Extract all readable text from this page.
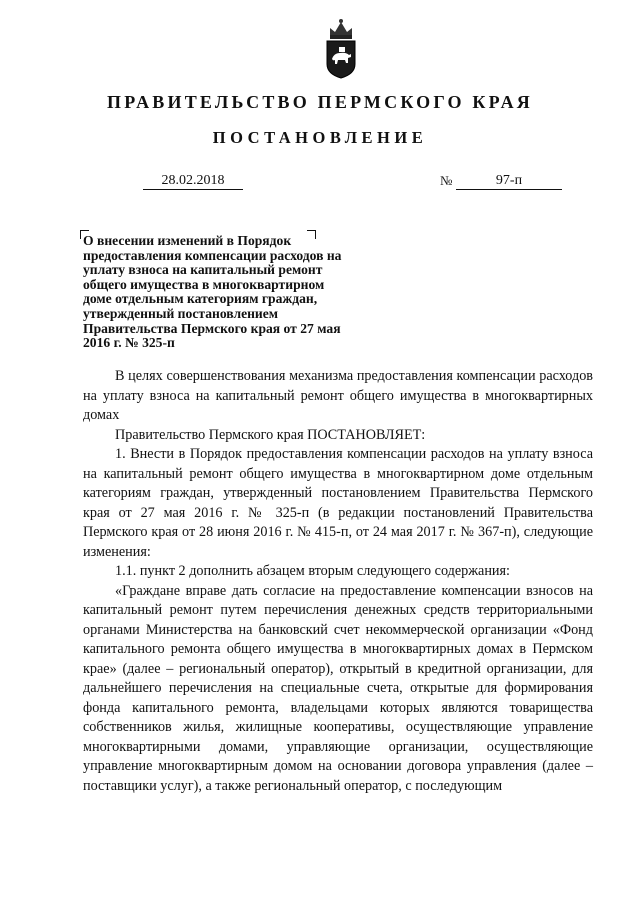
ПРАВИТЕЛЬСТВО ПЕРМСКОГО КРАЯ
ПОСТАНОВЛЕНИЕ
28.02.2018	№	97-п

О внесении изменений в Порядок предоставления компенсации расходов на уплату взноса на капитальный ремонт общего имущества в многоквартирном доме отдельным категориям граждан, утвержденный постановлением Правительства Пермского края от 27 мая 2016 г. № 325-п

В целях совершенствования механизма предоставления компенсации расходов на уплату взноса на капитальный ремонт общего имущества в многоквартирных домах

Правительство Пермского края ПОСТАНОВЛЯЕТ:

1. Внести в Порядок предоставления компенсации расходов на уплату взноса на капитальный ремонт общего имущества в многоквартирном доме отдельным категориям граждан, утвержденный постановлением Правительства Пермского края от 27 мая 2016 г. № 325-п (в редакции постановлений Правительства Пермского края от 28 июня 2016 г. № 415-п, от 24 мая 2017 г. № 367-п), следующие изменения:

1.1. пункт 2 дополнить абзацем вторым следующего содержания:

«Граждане вправе дать согласие на предоставление компенсации взносов на капитальный ремонт путем перечисления денежных средств территориальными органами Министерства на банковский счет некоммерческой организации «Фонд капитального ремонта общего имущества в многоквартирных домах в Пермском крае» (далее – региональный оператор), открытый в кредитной организации, для дальнейшего перечисления на специальные счета, открытые для формирования фонда капитального ремонта, владельцами которых являются товарищества собственников жилья, жилищные кооперативы, осуществляющие управление многоквартирными домами, управляющие организации, осуществляющие управление многоквартирным домом на основании договора управления (далее – поставщики услуг), а также региональный оператор, с последующим
